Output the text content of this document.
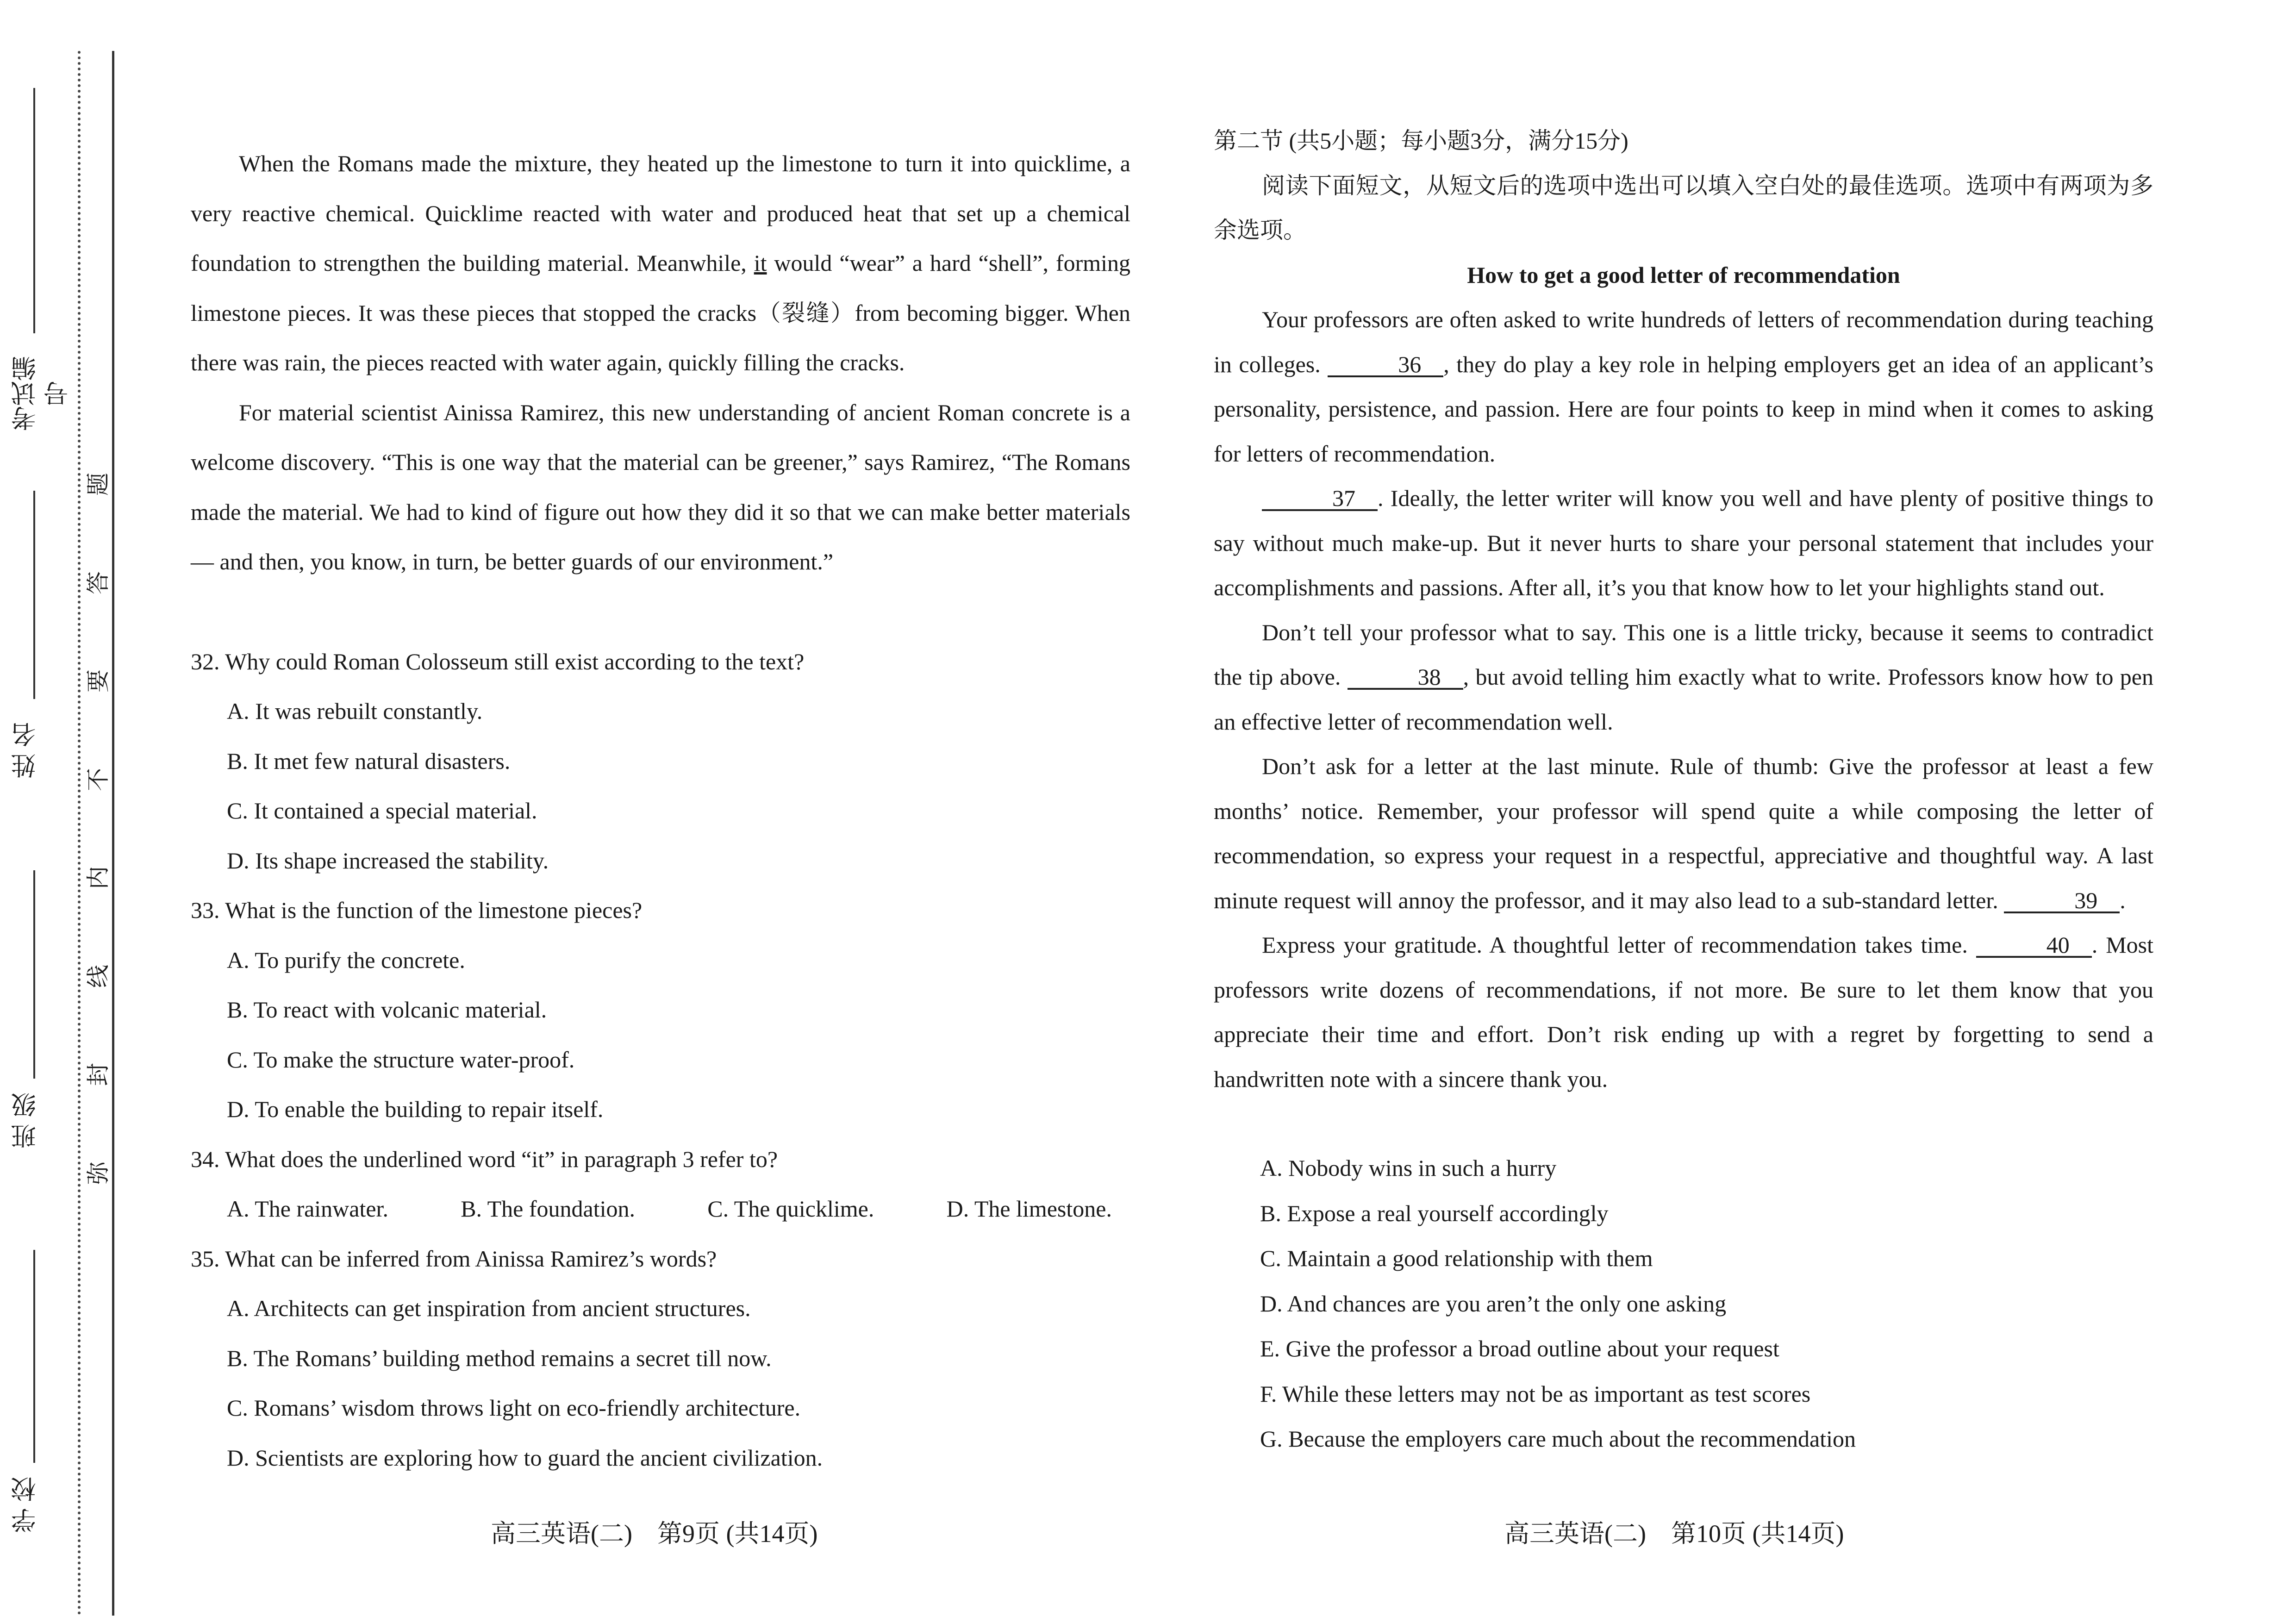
考试编号
姓 名
班 级
学 校
题
答
要
不
内
线
封
弥

When the Romans made the mixture, they heated up the limestone to turn it into quicklime, a very reactive chemical. Quicklime reacted with water and produced heat that set up a chemical foundation to strengthen the building material. Meanwhile, it would “wear” a hard “shell”, forming limestone pieces. It was these pieces that stopped the cracks（裂缝）from becoming bigger. When there was rain, the pieces reacted with water again, quickly filling the cracks.

For material scientist Ainissa Ramirez, this new understanding of ancient Roman concrete is a welcome discovery. “This is one way that the material can be greener,” says Ramirez, “The Romans made the material. We had to kind of figure out how they did it so that we can make better materials — and then, you know, in turn, be better guards of our environment.”

32. Why could Roman Colosseum still exist according to the text?

A. It was rebuilt constantly.

B. It met few natural disasters.

C. It contained a special material.

D. Its shape increased the stability.

33. What is the function of the limestone pieces?

A. To purify the concrete.

B. To react with volcanic material.

C. To make the structure water-proof.

D. To enable the building to repair itself.

34. What does the underlined word “it” in paragraph 3 refer to?

A. The rainwater.	B. The foundation.	C. The quicklime.	D. The limestone.

35. What can be inferred from Ainissa Ramirez’s words?

A. Architects can get inspiration from ancient structures.

B. The Romans’ building method remains a secret till now.

C. Romans’ wisdom throws light on eco-friendly architecture.

D. Scientists are exploring how to guard the ancient civilization.

第二节 (共5小题；每小题3分，满分15分)

阅读下面短文，从短文后的选项中选出可以填入空白处的最佳选项。选项中有两项为多余选项。

How to get a good letter of recommendation

Your professors are often asked to write hundreds of letters of recommendation during teaching in colleges.	36 , they do play a key role in helping employers get an idea of an applicant’s personality, persistence, and passion. Here are four points to keep in mind when it comes to asking for letters of recommendation.

37 . Ideally, the letter writer will know you well and have plenty of positive things to say without much make-up. But it never hurts to share your personal statement that includes your accomplishments and passions. After all, it’s you that know how to let your highlights stand out.

Don’t tell your professor what to say. This one is a little tricky, because it seems to contradict the tip above.	38 , but avoid telling him exactly what to write. Professors know how to pen an effective letter of recommendation well.

Don’t ask for a letter at the last minute. Rule of thumb: Give the professor at least a few months’ notice. Remember, your professor will spend quite a while composing the letter of recommendation, so express your request in a respectful, appreciative and thoughtful way. A last minute request will annoy the professor, and it may also lead to a sub-standard letter.	39 .

Express your gratitude. A thoughtful letter of recommendation takes time.	40 . Most professors write dozens of recommendations, if not more. Be sure to let them know that you appreciate their time and effort. Don’t risk ending up with a regret by forgetting to send a handwritten note with a sincere thank you.

A. Nobody wins in such a hurry

B. Expose a real yourself accordingly

C. Maintain a good relationship with them

D. And chances are you aren’t the only one asking

E. Give the professor a broad outline about your request

F. While these letters may not be as important as test scores

G. Because the employers care much about the recommendation

高三英语(二)　第9页 (共14页)	高三英语(二)　第10页 (共14页)
